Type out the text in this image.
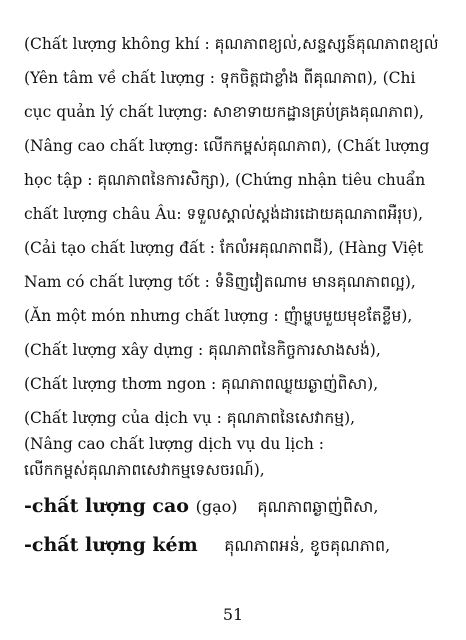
(Chất lượng không khí : គុណភាពខ្យល់,សន្ទស្សន៍គុណភាពខ្យល់
(Yên tâm về chất lượng : ទុកចិត្តជាខ្លាំង ពីគុណភាព), (Chi
cục quản lý chất lượng: សាខាទាយកដ្ឋានគ្រប់គ្រងគុណភាព),
(Nâng cao chất lượng: លើកកម្ពស់គុណភាព), (Chất lượng
học tập : គុណភាពនៃការសិក្សា), (Chứng nhận tiêu chuẩn
chất lượng châu Âu: ទទួលស្គាល់ស្តង់ដារដោយគុណភាពអឺរុប),
(Cải tạo chất lượng đất : កែលំអគុណភាពដី), (Hàng Việt
Nam có chất lượng tốt : ទំនិញវៀតណាម មានគុណភាពល្អ),
(Ăn một món nhưng chất lượng : ញុំាម្ហូបមួយមុខតែខ្លឹម),
(Chất lượng xây dựng : គុណភាពនៃកិច្ចការសាងសង់),
(Chất lượng thơm ngon : គុណភាពឈ្ងុយឆ្ងាញ់ពិសា),
(Chất lượng của dịch vụ : គុណភាពនៃសេវាកម្ម),
(Nâng cao chất lượng dịch vụ du lịch :
លើកកម្ពស់គុណភាពសេវាកម្មទេសចរណ៍),
-chất lượng cao (gạo) គុណភាពឆ្ងាញ់ពិសា,
-chất lượng kém គុណភាពអន់, ខូចគុណភាព,
51
